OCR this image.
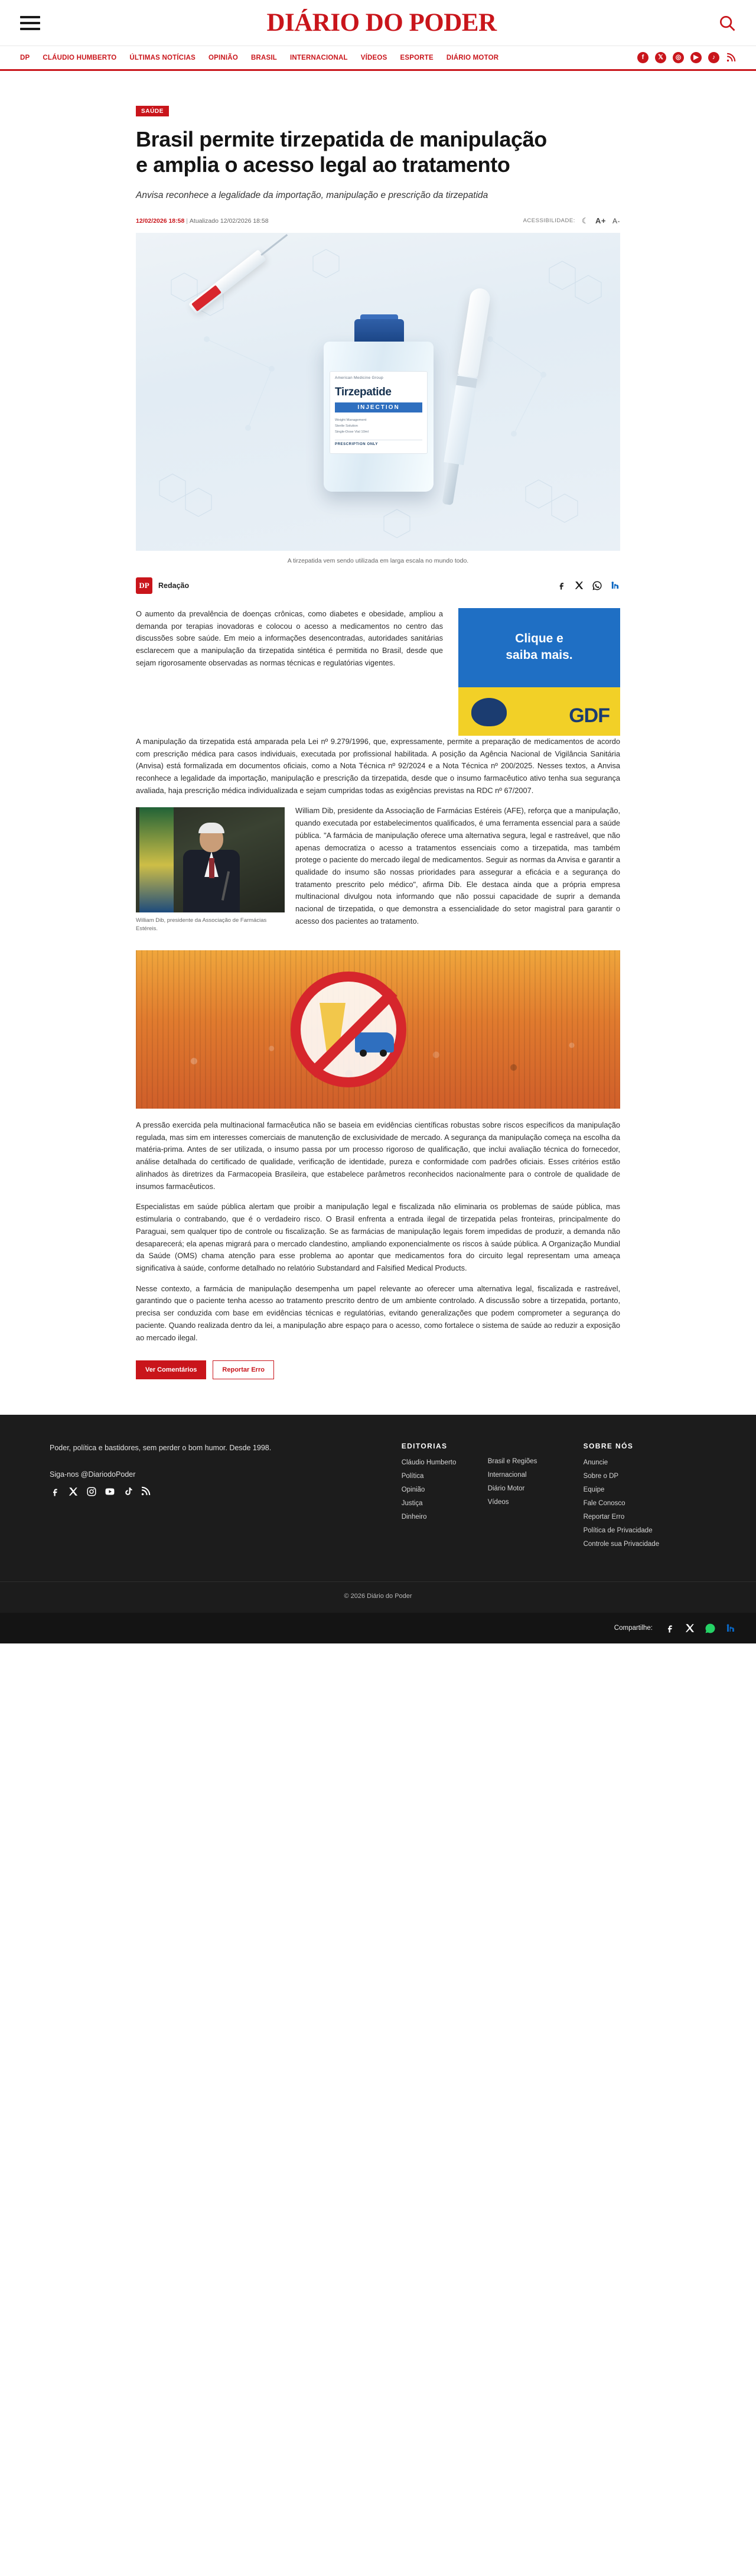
DIÁRIO DO PODER
DP CLÁUDIO HUMBERTO ÚLTIMAS NOTÍCIAS OPINIÃO BRASIL INTERNACIONAL VÍDEOS ESPORTE DIÁRIO MOTOR	f	𝕏	◎	▶	♪
SAÚDE
Brasil permite tirzepatida de manipulação e amplia o acesso legal ao tratamento
Anvisa reconhece a legalidade da importação, manipulação e prescrição da tirzepatida
12/02/2026 18:58 | Atualizado 12/02/2026 18:58	ACESSIBILIDADE: ☾ A+ A-
American Medicine Group
Tirzepatide
INJECTION
Weight Management
Sterile Solution
Single-Dose Vial 10ml
PRESCRIPTION ONLY
A tirzepatida vem sendo utilizada em larga escala no mundo todo.
DP	Redação

O aumento da prevalência de doenças crônicas, como diabetes e obesidade, ampliou a demanda por terapias inovadoras e colocou o acesso a medicamentos no centro das discussões sobre saúde. Em meio a informações desencontradas, autoridades sanitárias esclarecem que a manipulação da tirzepatida sintética é permitida no Brasil, desde que sejam rigorosamente observadas as normas técnicas e regulatórias vigentes.

Clique e
saiba mais.
GDF

A manipulação da tirzepatida está amparada pela Lei nº 9.279/1996, que, expressamente, permite a preparação de medicamentos de acordo com prescrição médica para casos individuais, executada por profissional habilitada. A posição da Agência Nacional de Vigilância Sanitária (Anvisa) está formalizada em documentos oficiais, como a Nota Técnica nº 92/2024 e a Nota Técnica nº 200/2025. Nesses textos, a Anvisa reconhece a legalidade da importação, manipulação e prescrição da tirzepatida, desde que o insumo farmacêutico ativo tenha sua segurança avaliada, haja prescrição médica individualizada e sejam cumpridas todas as exigências previstas na RDC nº 67/2007.

William Dib, presidente da Associação de Farmácias Estéreis.

William Dib, presidente da Associação de Farmácias Estéreis (AFE), reforça que a manipulação, quando executada por estabelecimentos qualificados, é uma ferramenta essencial para a saúde pública. "A farmácia de manipulação oferece uma alternativa segura, legal e rastreável, que não apenas democratiza o acesso a tratamentos essenciais como a tirzepatida, mas também protege o paciente do mercado ilegal de medicamentos. Seguir as normas da Anvisa e garantir a qualidade do insumo são nossas prioridades para assegurar a eficácia e a segurança do tratamento prescrito pelo médico", afirma Dib. Ele destaca ainda que a própria empresa multinacional divulgou nota informando que não possui capacidade de suprir a demanda nacional de tirzepatida, o que demonstra a essencialidade do setor magistral para garantir o acesso dos pacientes ao tratamento.

A pressão exercida pela multinacional farmacêutica não se baseia em evidências científicas robustas sobre riscos específicos da manipulação regulada, mas sim em interesses comerciais de manutenção de exclusividade de mercado. A segurança da manipulação começa na escolha da matéria-prima. Antes de ser utilizada, o insumo passa por um processo rigoroso de qualificação, que inclui avaliação técnica do fornecedor, análise detalhada do certificado de qualidade, verificação de identidade, pureza e conformidade com padrões oficiais. Esses critérios estão alinhados às diretrizes da Farmacopeia Brasileira, que estabelece parâmetros reconhecidos nacionalmente para o controle de qualidade de insumos farmacêuticos.

Especialistas em saúde pública alertam que proibir a manipulação legal e fiscalizada não eliminaria os problemas de saúde pública, mas estimularia o contrabando, que é o verdadeiro risco. O Brasil enfrenta a entrada ilegal de tirzepatida pelas fronteiras, principalmente do Paraguai, sem qualquer tipo de controle ou fiscalização. Se as farmácias de manipulação legais forem impedidas de produzir, a demanda não desaparecerá; ela apenas migrará para o mercado clandestino, ampliando exponencialmente os riscos à saúde pública. A Organização Mundial da Saúde (OMS) chama atenção para esse problema ao apontar que medicamentos fora do circuito legal representam uma ameaça significativa à saúde, conforme detalhado no relatório Substandard and Falsified Medical Products.

Nesse contexto, a farmácia de manipulação desempenha um papel relevante ao oferecer uma alternativa legal, fiscalizada e rastreável, garantindo que o paciente tenha acesso ao tratamento prescrito dentro de um ambiente controlado. A discussão sobre a tirzepatida, portanto, precisa ser conduzida com base em evidências técnicas e regulatórias, evitando generalizações que podem comprometer a segurança do paciente. Quando realizada dentro da lei, a manipulação abre espaço para o acesso, como fortalece o sistema de saúde ao reduzir a exposição ao mercado ilegal.

Ver Comentários	Reportar Erro
Poder, política e bastidores, sem perder o bom humor. Desde 1998.
Siga-nos @DiariodoPoder
EDITORIAS
Cláudio Humberto
Política
Opinião
Justiça
Dinheiro
Brasil e Regiões
Internacional
Diário Motor
Vídeos
SOBRE NÓS
Anuncie
Sobre o DP
Equipe
Fale Conosco
Reportar Erro
Política de Privacidade
Controle sua Privacidade
© 2026 Diário do Poder
Compartilhe:
